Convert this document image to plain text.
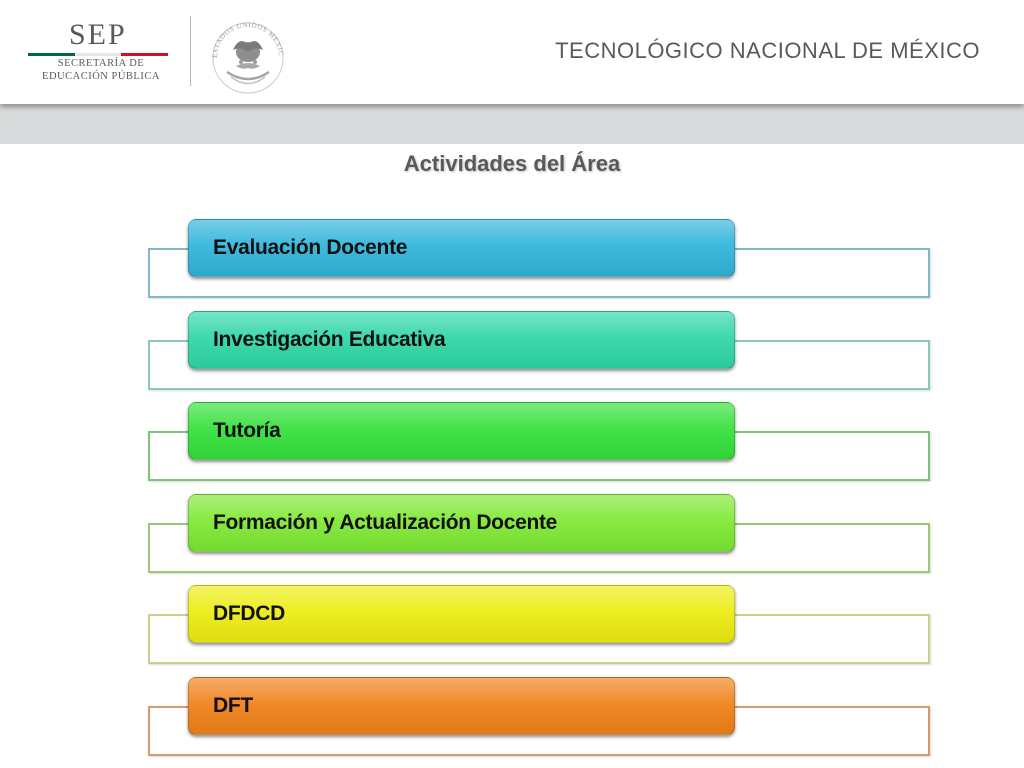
SEP
SECRETARÍA DE
EDUCACIÓN PÚBLICA
ESTADOS UNIDOS MEXIC	TECNOLÓGICO NACIONAL DE MÉXICO
Actividades del Área
Evaluación Docente
Investigación Educativa
Tutoría
Formación y Actualización Docente
DFDCD
DFT
